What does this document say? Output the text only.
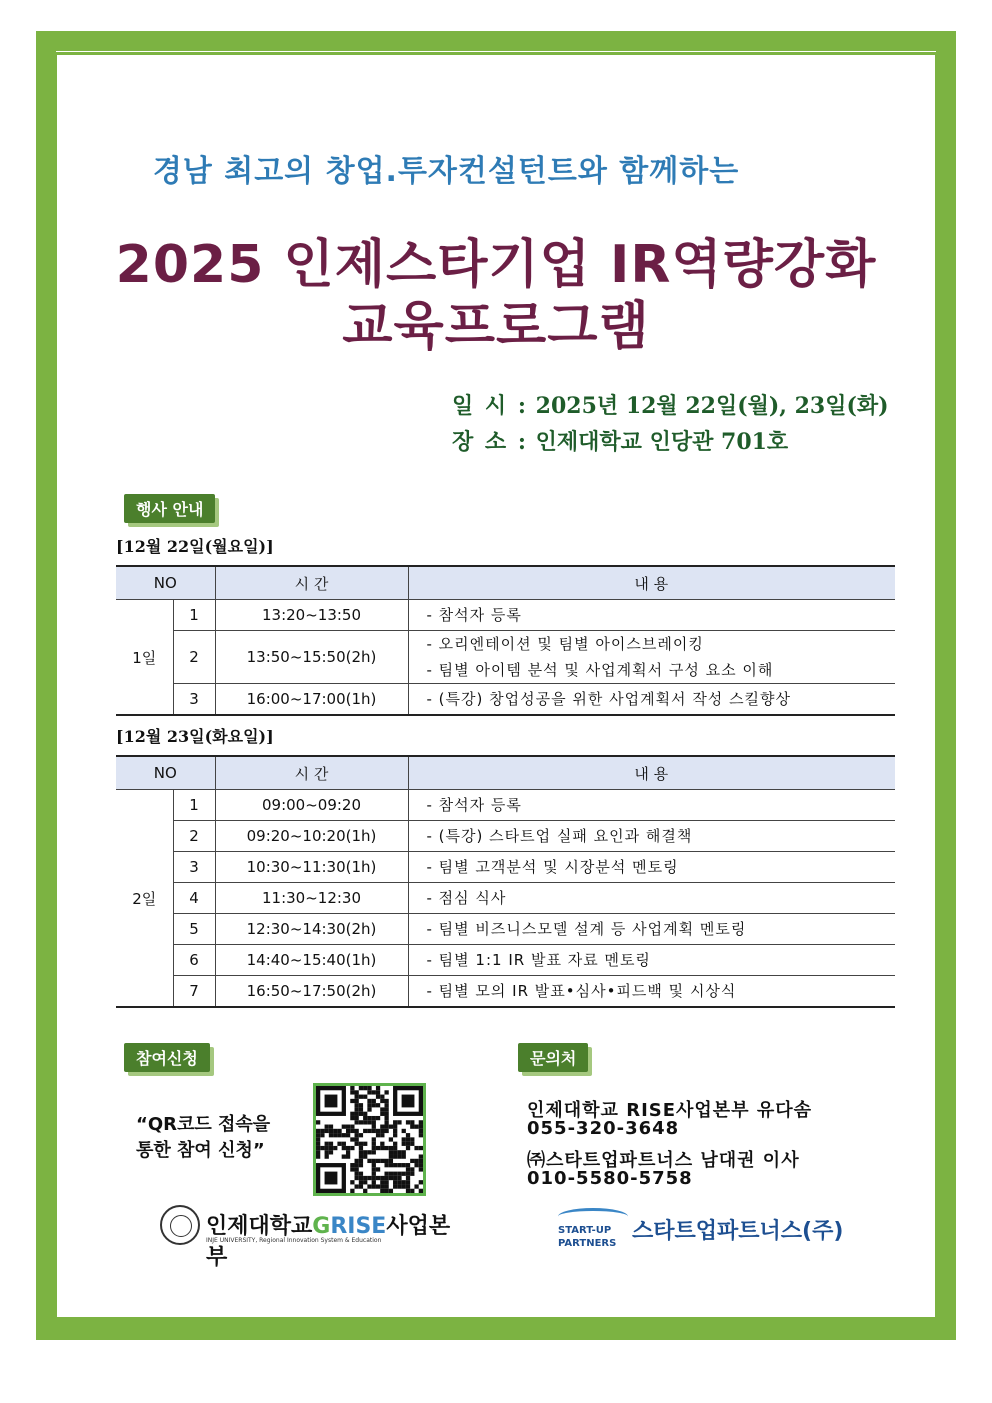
경남 최고의 창업.투자컨설턴트와 함께하는
2025 인제스타기업 IR역량강화
교육프로그램
일 시 : 2025년 12월 22일(월), 23일(화)
장 소 : 인제대학교 인당관 701호
행사 안내
[12월 22일(월요일)]
NO		시 간	내 용
1일	1	13:20~13:50	- 참석자 등록
	2	13:50~15:50(2h)	- 오리엔테이션 및 팀별 아이스브레이킹
- 팀별 아이템 분석 및 사업계획서 구성 요소 이해

	3	16:00~17:00(1h)	- (특강) 창업성공을 위한 사업계획서 작성 스킬향상
[12월 23일(화요일)]
NO		시 간	내 용
2일	1	09:00~09:20	- 참석자 등록
	2	09:20~10:20(1h)	- (특강) 스타트업 실패 요인과 해결책
	3	10:30~11:30(1h)	- 팀별 고객분석 및 시장분석 멘토링
	4	11:30~12:30	- 점심 식사
	5	12:30~14:30(2h)	- 팀별 비즈니스모델 설계 등 사업계획 멘토링
	6	14:40~15:40(1h)	- 팀별 1:1 IR 발표 자료 멘토링
	7	16:50~17:50(2h)	- 팀별 모의 IR 발표•심사•피드백 및 시상식
참여신청	문의처
“QR코드 접속을
통한 참여 신청”
인제대학교GRISE사업본부
INJE UNIVERSITY, Regional Innovation System & Education
인제대학교 RISE사업본부 유다솜
055-320-3648
㈜스타트업파트너스 남대권 이사
010-5580-5758
START-UP
PARTNERS 스타트업파트너스(주)
